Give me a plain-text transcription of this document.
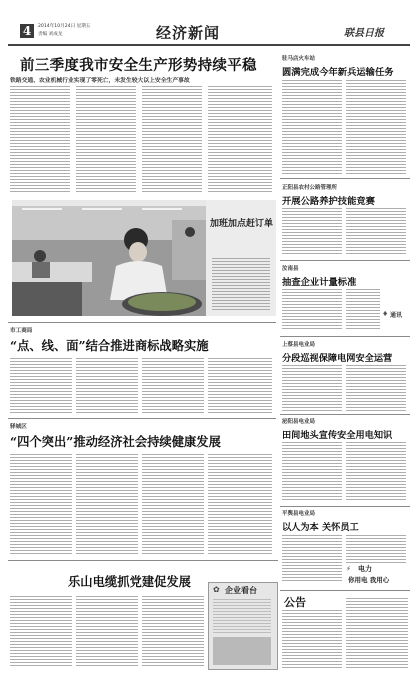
4	2014年10月24日 星期五
责编 刘成龙	经济新闻	联县日报
前三季度我市安全生产形势持续平稳
铁路交通、农业机械行业实现了零死亡，未发生较大以上安全生产事故
加班加点赶订单
驻马店火车站
圆满完成今年新兵运输任务
正阳县农村公路管理所
开展公路养护技能竞赛
汝南县
抽查企业计量标准
♦ 通讯
市工商局
“点、线、面”结合推进商标战略实施	上蔡县电业局
分段巡视保障电网安全运营
泌阳县电业局
田间地头宣传安全用电知识
平舆县电业局
以人为本 关怀员工
⚡ 电力
你用电 我用心
驿城区
“四个突出”推动经济社会持续健康发展
乐山电缆抓党建促发展
✿ 企业看台
公告
